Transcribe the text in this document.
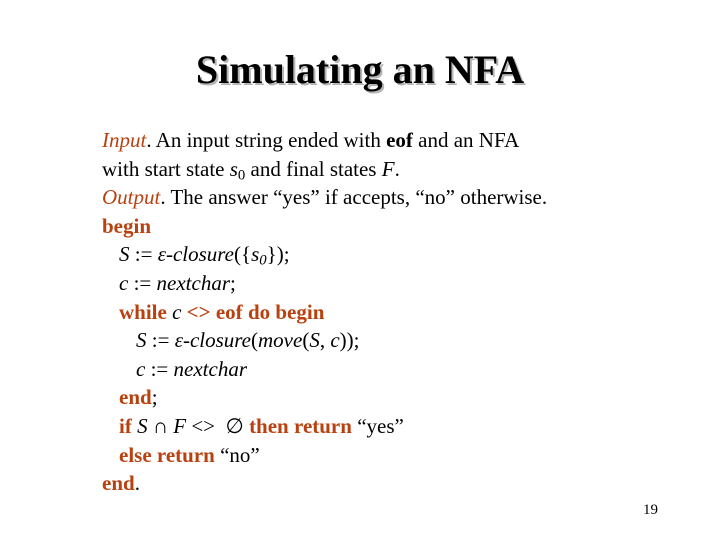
Simulating an NFA
Input. An input string ended with eof and an NFA
with start state $s_0$ and final states F.
Output. The answer “yes” if accepts, “no” otherwise.
begin
S := $\varepsilon-closure(\{s_0\})$;
c := nextchar;
while c <> eof do begin
S := ε-closure(move(S, c));
c := nextchar
end;
if S ∩ F <> ∅ then return “yes”
else return “no”
end.
19
